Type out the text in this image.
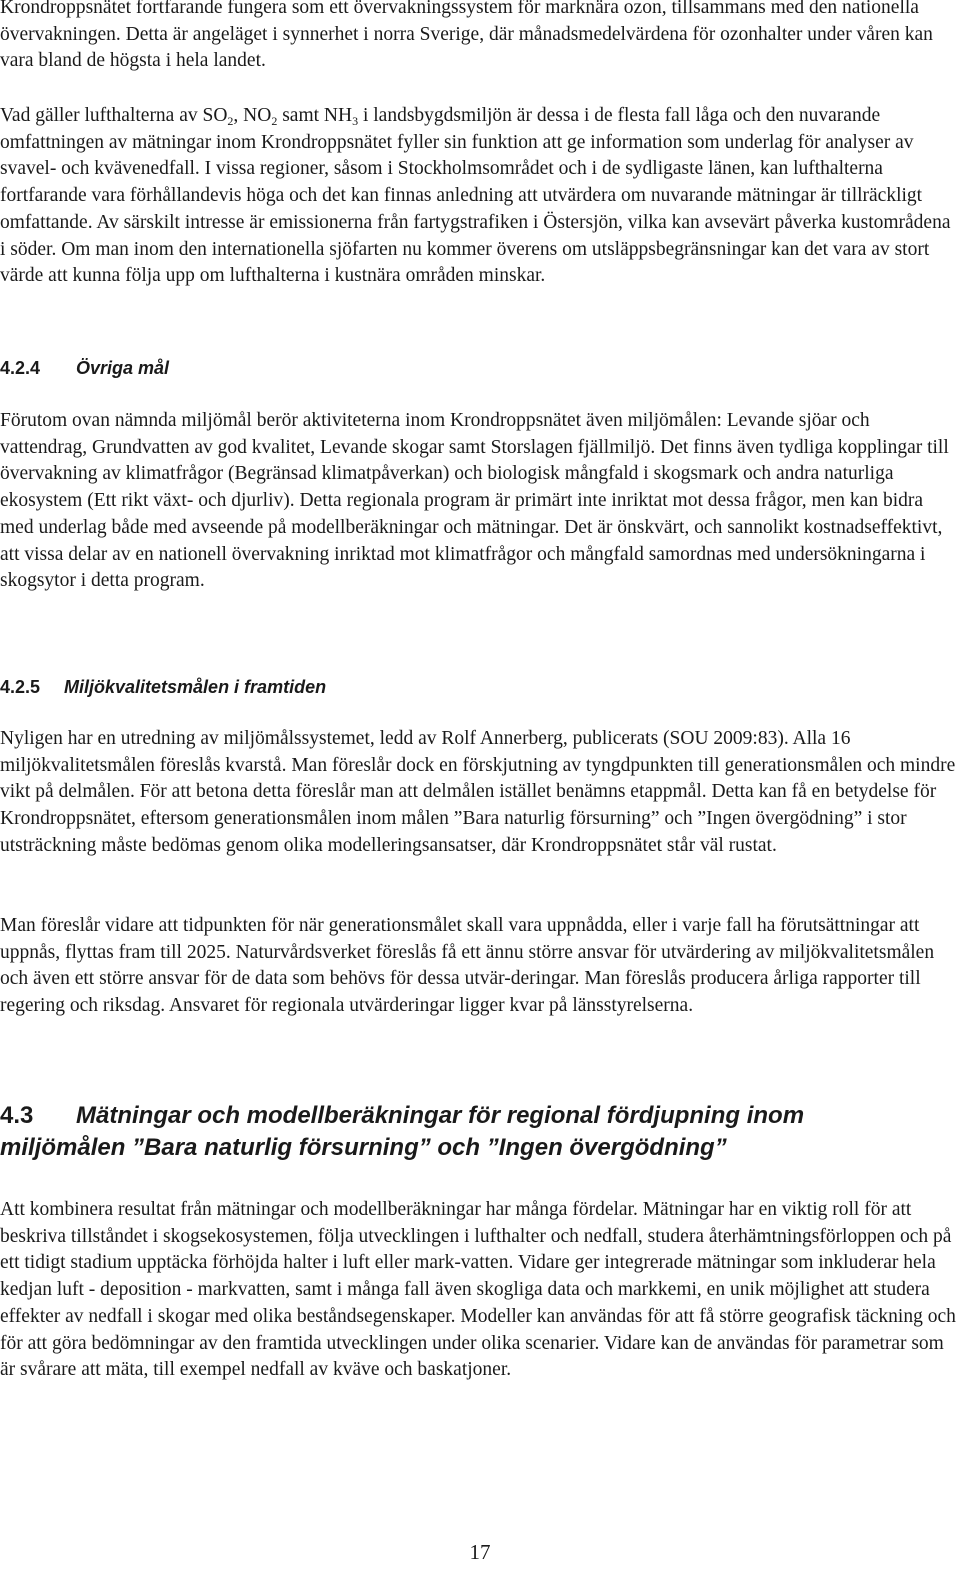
Krondroppsnätet fortfarande fungera som ett övervakningssystem för marknära ozon, tillsammans med den nationella övervakningen. Detta är angeläget i synnerhet i norra Sverige, där månadsmedelvärdena för ozonhalter under våren kan vara bland de högsta i hela landet.

Vad gäller lufthalterna av $SO_2$, $NO_2$ samt $NH_3$ i landsbygdsmiljön är dessa i de flesta fall låga och den nuvarande omfattningen av mätningar inom Krondroppsnätet fyller sin funktion att ge information som underlag för analyser av svavel- och kvävenedfall. I vissa regioner, såsom i Stockholmsområdet och i de sydligaste länen, kan lufthalterna fortfarande vara förhållandevis höga och det kan finnas anledning att utvärdera om nuvarande mätningar är tillräckligt omfattande. Av särskilt intresse är emissionerna från fartygstrafiken i Östersjön, vilka kan avsevärt påverka kustområdena i söder. Om man inom den internationella sjöfarten nu kommer överens om utsläppsbegränsningar kan det vara av stort värde att kunna följa upp om lufthalterna i kustnära områden minskar.

4.2.4 Övriga mål

Förutom ovan nämnda miljömål berör aktiviteterna inom Krondroppsnätet även miljömålen: Levande sjöar och vattendrag, Grundvatten av god kvalitet, Levande skogar samt Storslagen fjällmiljö. Det finns även tydliga kopplingar till övervakning av klimatfrågor (Begränsad klimatpåverkan) och biologisk mångfald i skogsmark och andra naturliga ekosystem (Ett rikt växt- och djurliv). Detta regionala program är primärt inte inriktat mot dessa frågor, men kan bidra med underlag både med avseende på modellberäkningar och mätningar. Det är önskvärt, och sannolikt kostnadseffektivt, att vissa delar av en nationell övervakning inriktad mot klimatfrågor och mångfald samordnas med undersökningarna i skogsytor i detta program.

4.2.5 Miljökvalitetsmålen i framtiden

Nyligen har en utredning av miljömålssystemet, ledd av Rolf Annerberg, publicerats (SOU 2009:83). Alla 16 miljökvalitetsmålen föreslås kvarstå. Man föreslår dock en förskjutning av tyngdpunkten till generationsmålen och mindre vikt på delmålen. För att betona detta föreslår man att delmålen istället benämns etappmål. Detta kan få en betydelse för Krondroppsnätet, eftersom generationsmålen inom målen ”Bara naturlig försurning” och ”Ingen övergödning” i stor utsträckning måste bedömas genom olika modelleringsansatser, där Krondroppsnätet står väl rustat.

Man föreslår vidare att tidpunkten för när generationsmålet skall vara uppnådda, eller i varje fall ha förutsättningar att uppnås, flyttas fram till 2025. Naturvårdsverket föreslås få ett ännu större ansvar för utvärdering av miljökvalitetsmålen och även ett större ansvar för de data som behövs för dessa utvär-deringar. Man föreslås producera årliga rapporter till regering och riksdag. Ansvaret för regionala utvärderingar ligger kvar på länsstyrelserna.

4.3 Mätningar och modellberäkningar för regional fördjupning inom miljömålen ”Bara naturlig försurning” och ”Ingen övergödning”

Att kombinera resultat från mätningar och modellberäkningar har många fördelar. Mätningar har en viktig roll för att beskriva tillståndet i skogsekosystemen, följa utvecklingen i lufthalter och nedfall, studera återhämtningsförloppen och på ett tidigt stadium upptäcka förhöjda halter i luft eller mark-vatten. Vidare ger integrerade mätningar som inkluderar hela kedjan luft - deposition - markvatten, samt i många fall även skogliga data och markkemi, en unik möjlighet att studera effekter av nedfall i skogar med olika beståndsegenskaper. Modeller kan användas för att få större geografisk täckning och för att göra bedömningar av den framtida utvecklingen under olika scenarier. Vidare kan de användas för parametrar som är svårare att mäta, till exempel nedfall av kväve och baskatjoner.

17
